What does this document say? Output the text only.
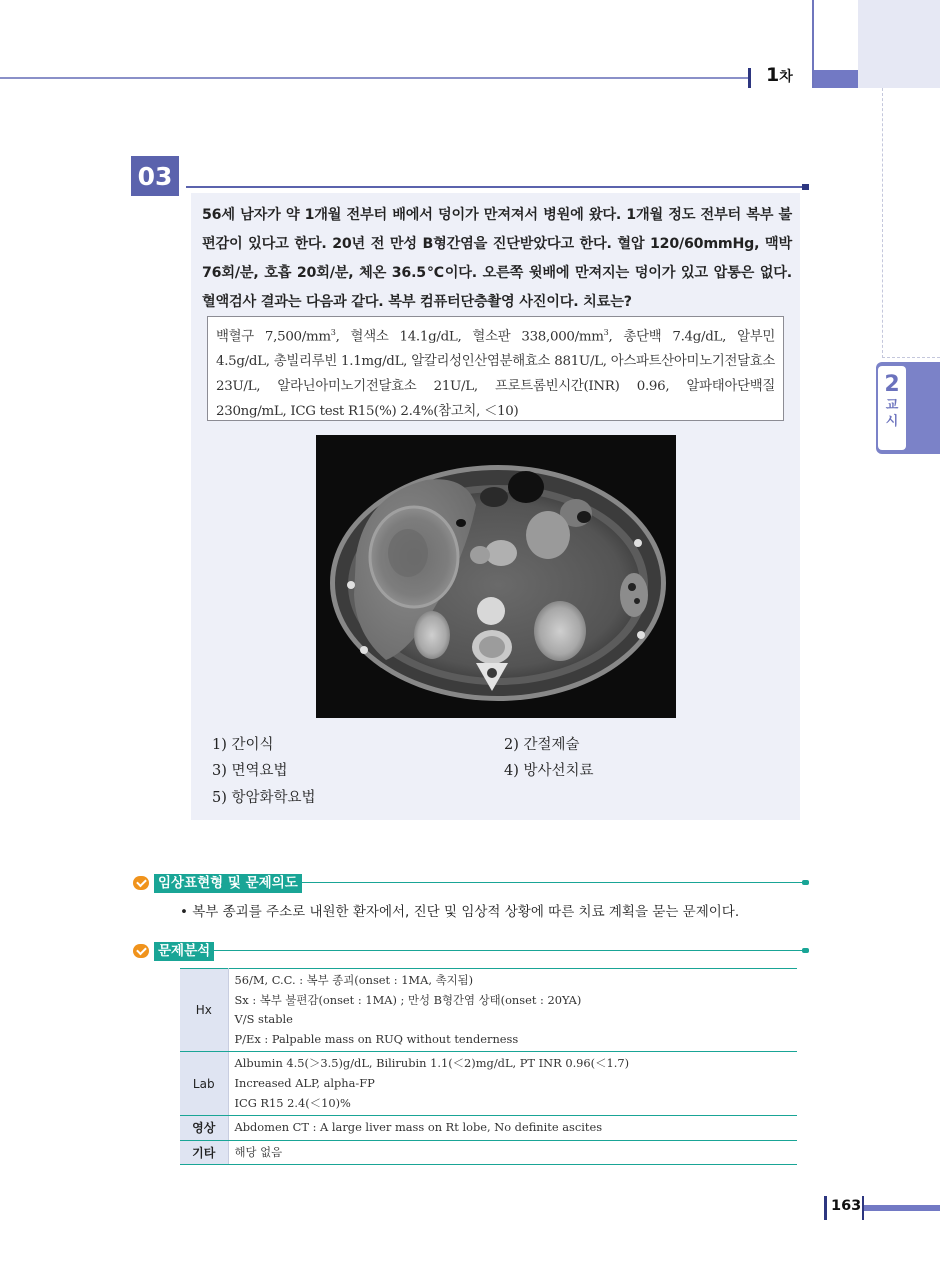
1차
2
교시
03
56세 남자가 약 1개월 전부터 배에서 덩이가 만져져서 병원에 왔다. 1개월 정도 전부터 복부 불편감이 있다고 한다. 20년 전 만성 B형간염을 진단받았다고 한다. 혈압 120/60mmHg, 맥박 76회/분, 호흡 20회/분, 체온 36.5℃이다. 오른쪽 윗배에 만져지는 덩이가 있고 압통은 없다. 혈액검사 결과는 다음과 같다. 복부 컴퓨터단층촬영 사진이다. 치료는?
백혈구 $7,500/mm^3$, 혈색소 14.1g/dL, 혈소판 $338,000/mm^3$, 총단백 7.4g/dL, 알부민 4.5g/dL, 총빌리루빈 1.1mg/dL, 알칼리성인산염분해효소 881U/L, 아스파트산아미노기전달효소 23U/L, 알라닌아미노기전달효소 21U/L, 프로트롬빈시간(INR) 0.96, 알파태아단백질 230ng/mL, ICG test R15(%) 2.4%(참고치, ＜10)
1) 간이식	2) 간절제술
3) 면역요법	4) 방사선치료
5) 항암화학요법
임상표현형 및 문제의도
• 복부 종괴를 주소로 내원한 환자에서, 진단 및 임상적 상황에 따른 치료 계획을 묻는 문제이다.
문제분석
Hx	56/M, C.C. : 복부 종괴(onset : 1MA, 촉지됨)
Sx : 복부 불편감(onset : 1MA) ; 만성 B형간염 상태(onset : 20YA)
V/S stable
P/Ex : Palpable mass on RUQ without tenderness

Lab	Albumin 4.5(＞3.5)g/dL, Bilirubin 1.1(＜2)mg/dL, PT INR 0.96(＜1.7)
Increased ALP, alpha-FP
ICG R15 2.4(＜10)%

영상	Abdomen CT : A large liver mass on Rt lobe, No definite ascites

기타	해당 없음
163
